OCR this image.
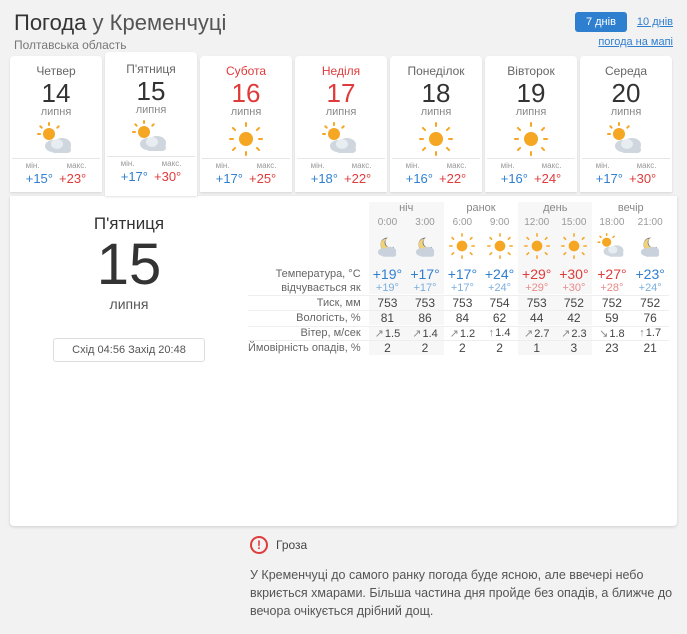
Погода у Кременчуці
Полтавська область
7 днів	10 днів
погода на мапі
Четвер
14
липня
мін.	макс.
+15° +23°
П'ятниця
15
липня
мін.	макс.
+17° +30°
Субота
16
липня
мін.	макс.
+17° +25°
Неділя
17
липня
мін.	макс.
+18° +22°
Понеділок
18
липня
мін.	макс.
+16° +22°
Вівторок
19
липня
мін.	макс.
+16° +24°
Середа
20
липня
мін.	макс.
+17° +30°
П'ятниця
15
липня
Схід 04:56 Захід 20:48
	ніч		ранок		день		вечір	
	0:00	3:00	6:00	9:00	12:00	15:00	18:00	21:00

Температура, °C	+19°	+17°	+17°	+24°	+29°	+30°	+27°	+23°
відчувається як	+19°	+17°	+17°	+24°	+29°	+30°	+28°	+24°

Тиск, мм	753	753	753	754	753	752	752	752

Вологість, %	81	86	84	62	44	42	59	76

Вітер, м/сек	↗1.5	↗1.4	↗1.2	↑1.4	↗2.7	↗2.3	↘1.8	↑1.7

Ймовірність опадів, %	2	2	2	2	1	3	23	21
!	Гроза
У Кременчуці до самого ранку погода буде ясною, але ввечері небо вкриється хмарами. Більша частина дня пройде без опадів, а ближче до вечора очікується дрібний дощ.
